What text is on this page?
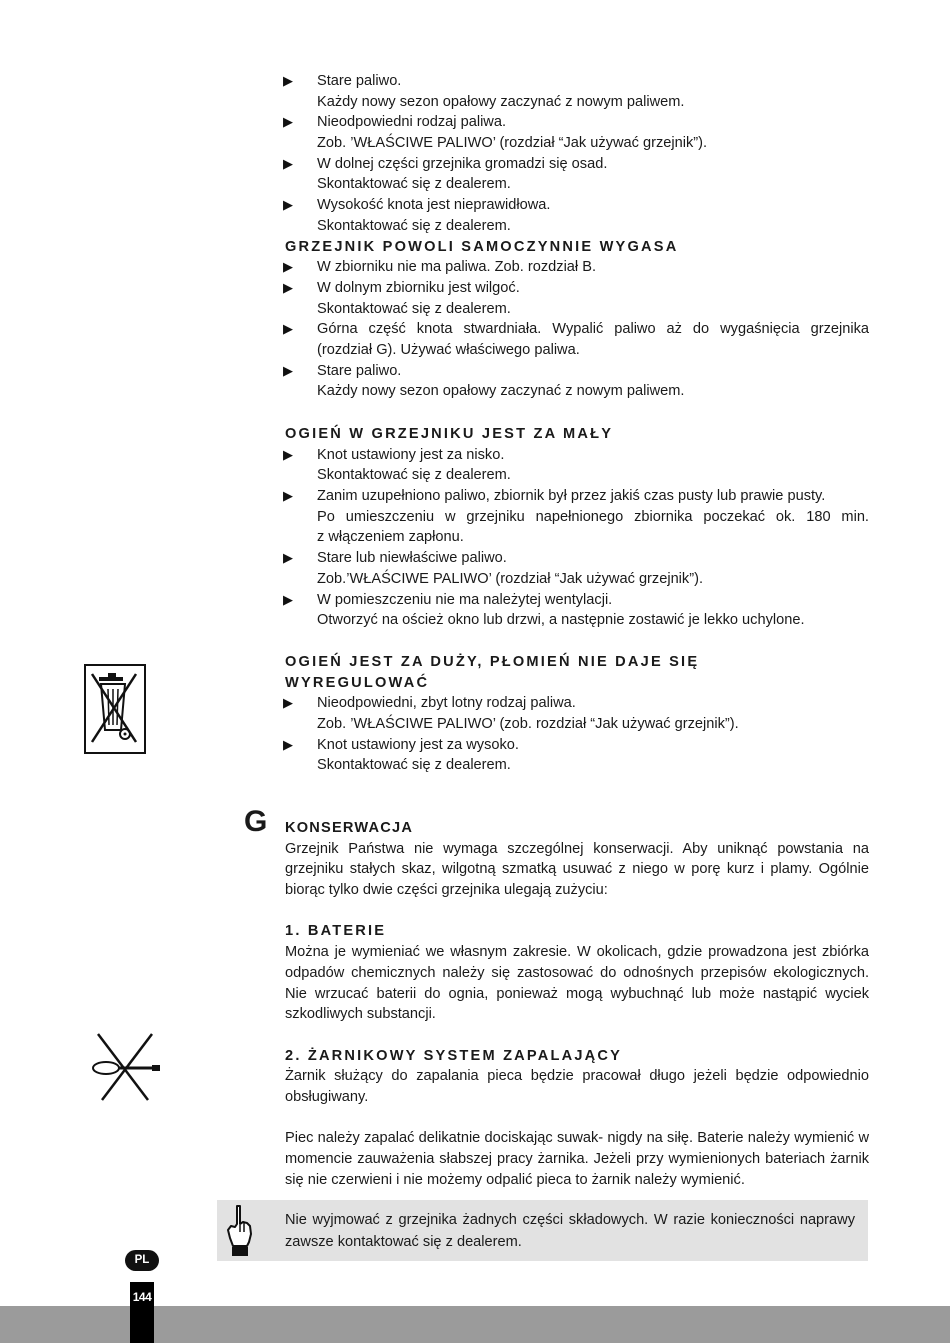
▶	Stare paliwo.
Każdy nowy sezon opałowy zaczynać z nowym paliwem.
▶	Nieodpowiedni rodzaj paliwa.
Zob. ’WŁAŚCIWE PALIWO’ (rozdział “Jak używać grzejnik”).
▶	W dolnej części grzejnika gromadzi się osad.
Skontaktować się z dealerem.
▶	Wysokość knota jest nieprawidłowa.
Skontaktować się z dealerem.
GRZEJNIK POWOLI SAMOCZYNNIE WYGASA
▶	W zbiorniku nie ma paliwa. Zob. rozdział B.
▶	W dolnym zbiorniku jest wilgoć.
Skontaktować się z dealerem.
▶	Górna część knota stwardniała. Wypalić paliwo aż do wygaśnięcia grzejnika
(rozdział G). Używać właściwego paliwa.
▶	Stare paliwo.
Każdy nowy sezon opałowy zaczynać z nowym paliwem.
OGIEŃ W GRZEJNIKU JEST ZA MAŁY
▶	Knot ustawiony jest za nisko.
Skontaktować się z dealerem.
▶	Zanim uzupełniono paliwo, zbiornik był przez jakiś czas pusty lub prawie pusty.
Po umieszczeniu w grzejniku napełnionego zbiornika poczekać ok. 180 min.
z włączeniem zapłonu.
▶	Stare lub niewłaściwe paliwo.
Zob.’WŁAŚCIWE PALIWO’ (rozdział “Jak używać grzejnik”).
▶	W pomieszczeniu nie ma należytej wentylacji.
Otworzyć na oścież okno lub drzwi, a następnie zostawić je lekko uchylone.
OGIEŃ JEST ZA DUŻY, PŁOMIEŃ NIE DAJE SIĘ
WYREGULOWAĆ
▶	Nieodpowiedni, zbyt lotny rodzaj paliwa.
Zob. ’WŁAŚCIWE PALIWO’ (zob. rozdział “Jak używać grzejnik”).
▶	Knot ustawiony jest za wysoko.
Skontaktować się z dealerem.
G KONSERWACJA
Grzejnik Państwa nie wymaga szczególnej konserwacji. Aby uniknąć powstania na grzejniku stałych skaz, wilgotną szmatką usuwać z niego w porę kurz i plamy. Ogólnie biorąc tylko dwie części grzejnika ulegają zużyciu:
1. BATERIE
Można je wymieniać we własnym zakresie. W okolicach, gdzie prowadzona jest zbiórka odpadów chemicznych należy się zastosować do odnośnych przepisów ekologicznych. Nie wrzucać baterii do ognia, ponieważ mogą wybuchnąć lub może nastąpić wyciek szkodliwych substancji.
2. ŻARNIKOWY SYSTEM ZAPALAJĄCY
Żarnik służący do zapalania pieca będzie pracował długo jeżeli będzie odpowiednio obsługiwany.
Piec należy zapalać delikatnie dociskając suwak- nigdy na siłę. Baterie należy wymienić w momencie zauważenia słabszej pracy żarnika. Jeżeli przy wymienionych bateriach żarnik się nie czerwieni i nie możemy odpalić pieca to żarnik należy wymienić.
Nie wyjmować z grzejnika żadnych części składowych. W razie konieczności naprawy zawsze kontaktować się z dealerem.
144
PL
